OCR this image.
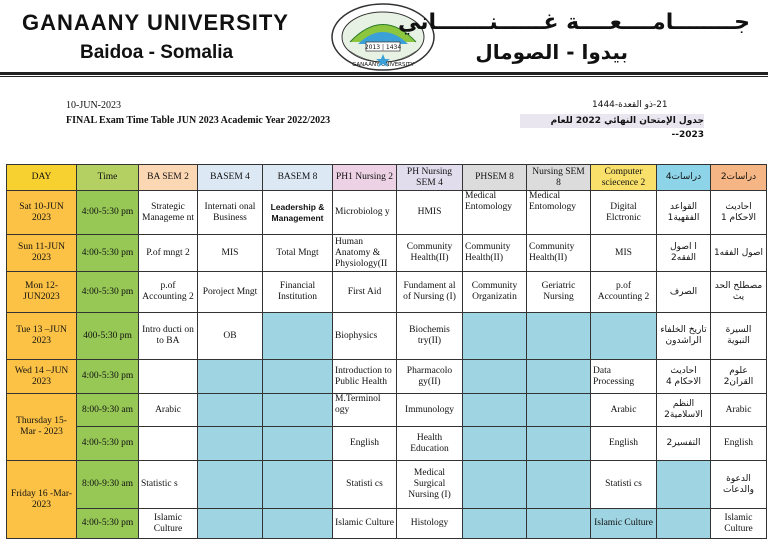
GANAANY UNIVERSITY
Baidoa - Somalia	2013 | 1434
GANAANY UNIVERSITY
جــــــــامــــعــــة غــــــنـــــــاني
بيدوا - الصومال
10-JUN-2023
FINAL Exam Time Table JUN 2023 Academic Year 2022/2023
21-ذو القعدة-1444
جدول الإمتحان النهائي 2022 للعام 2023--
DAY	Time	BA SEM 2	BASEM 4	BASEM 8	PH1 Nursing 2	PH Nursing SEM 4	PHSEM 8	Nursing SEM 8	Computer sciecence 2	دراسات4	دراسات2
Sat 10-JUN 2023	4:00-5:30 pm	Strategic Manageme nt	Internati onal Business	Leadership & Management	Microbiolog y	HMIS	Medical Entomology	Medical Entomology	Digital Elctronic	القواعد الفقهية1	احاديث الاحكام 1
Sun 11-JUN 2023	4:00-5:30 pm	P.of mngt 2	MIS	Total Mngt	Human Anatomy & Physiology(II	Community Health(II)	Community Health(II)	Community Health(II)	MIS	ا اصول الفقه2	اصول الفقه1
Mon 12-JUN2023	4:00-5:30 pm	p.of Accounting 2	Poroject Mngt	Financial Institution	First Aid	Fundament al of Nursing (I)	Community Organizatin	Geriatric Nursing	p.of Accounting 2	الصرف	مصطلح الحد يث
Tue 13 –JUN 2023	400-5:30 pm	Intro ducti on to BA	OB		Biophysics	Biochemis try(II)				تاريخ الخلفاء الراشدون	السيرة النبوية
Wed 14 –JUN 2023	4:00-5:30 pm				Introduction to Public Health	Pharmacolo gy(II)			Data Processing	احاديث الاحكام 4	علوم القران2
Thursday 15-Mar - 2023	8:00-9:30 am	Arabic			M.Terminol ogy	Immunology			Arabic	النظم الاسلامية2	Arabic
	4:00-5:30 pm				English	Health Education			English	التفسير2	English
Friday 16 -Mar- 2023	8:00-9:30 am	Statistic s			Statisti cs	Medical Surgical Nursing (I)			Statisti cs		الدعوة والدعات
	4:00-5:30 pm	Islamic Culture			Islamic Culture	Histology			Islamic Culture		Islamic Culture
